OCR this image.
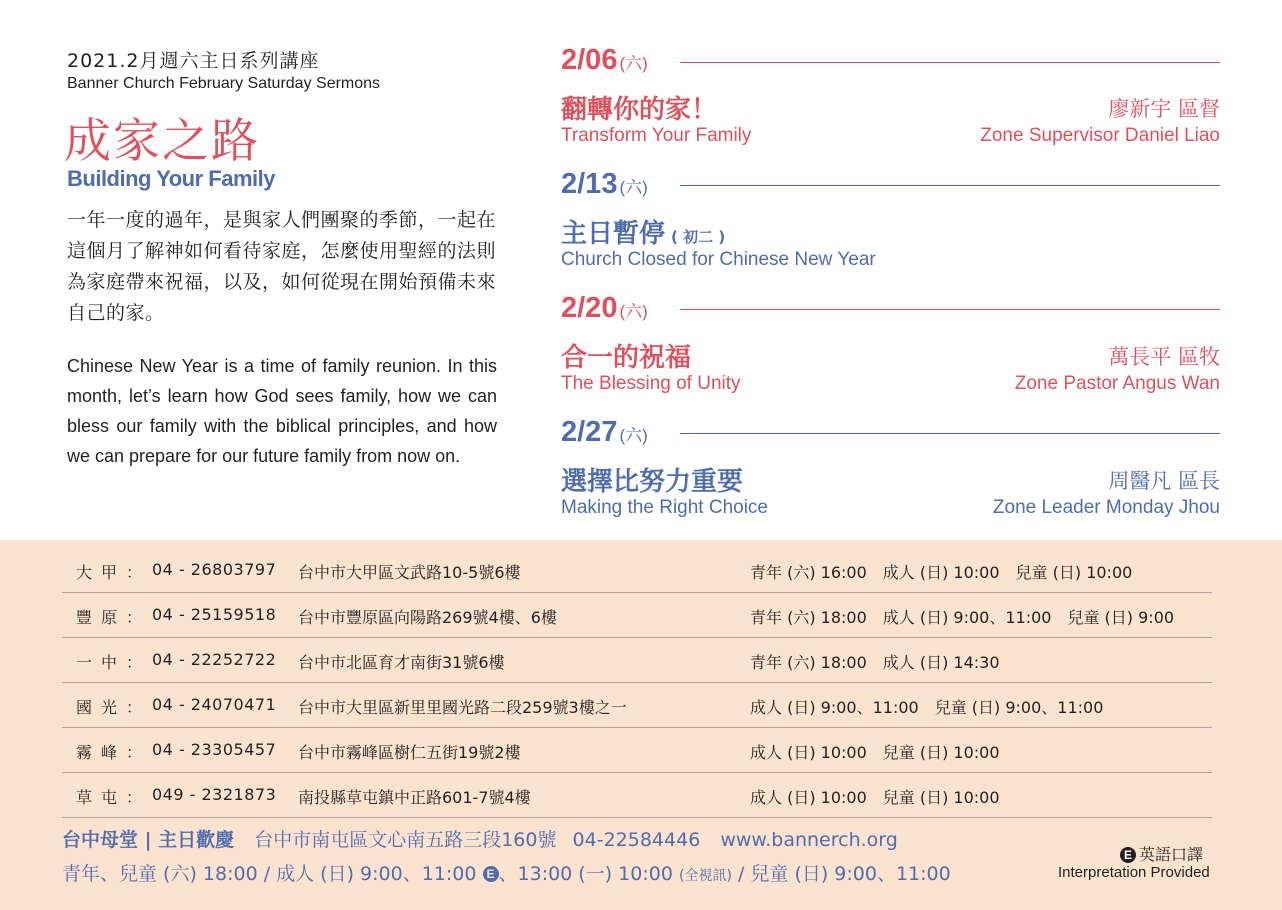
2021.2月週六主日系列講座
Banner Church February Saturday Sermons
成家之路
Building Your Family
一年一度的過年，是與家人們團聚的季節，一起在這個月了解神如何看待家庭，怎麼使用聖經的法則為家庭帶來祝福，以及，如何從現在開始預備未來自己的家。
Chinese New Year is a time of family reunion. In this month, let’s learn how God sees family, how we can bless our family with the biblical principles, and how we can prepare for our future family from now on.
2/06 (六)
翻轉你的家！
Transform Your Family
廖新宇 區督
Zone Supervisor Daniel Liao
2/13 (六)
主日暫停 ( 初二 )
Church Closed for Chinese New Year
2/20 (六)
合一的祝福
The Blessing of Unity
萬長平 區牧
Zone Pastor Angus Wan
2/27 (六)
選擇比努力重要
Making the Right Choice
周醫凡 區長
Zone Leader Monday Jhou
大甲： 04 - 26803797 台中市大甲區文武路10-5號6樓	青年 (六) 16:00　成人 (日) 10:00　兒童 (日) 10:00
豐原： 04 - 25159518 台中市豐原區向陽路269號4樓、6樓	青年 (六) 18:00　成人 (日) 9:00、11:00　兒童 (日) 9:00
一中： 04 - 22252722 台中市北區育才南街31號6樓	青年 (六) 18:00　成人 (日) 14:30
國光： 04 - 24070471 台中市大里區新里里國光路二段259號3樓之一	成人 (日) 9:00、11:00　兒童 (日) 9:00、11:00
霧峰： 04 - 23305457 台中市霧峰區樹仁五街19號2樓	成人 (日) 10:00　兒童 (日) 10:00
草屯： 049 - 2321873 南投縣草屯鎮中正路601-7號4樓	成人 (日) 10:00　兒童 (日) 10:00
台中母堂 | 主日歡慶 台中市南屯區文心南五路三段160號 04-22584446 www.bannerch.org
青年、兒童 (六) 18:00 / 成人 (日) 9:00、11:00 E 、13:00 (一) 10:00 (全視訊) / 兒童 (日) 9:00、11:00
E 英語口譯
Interpretation Provided
